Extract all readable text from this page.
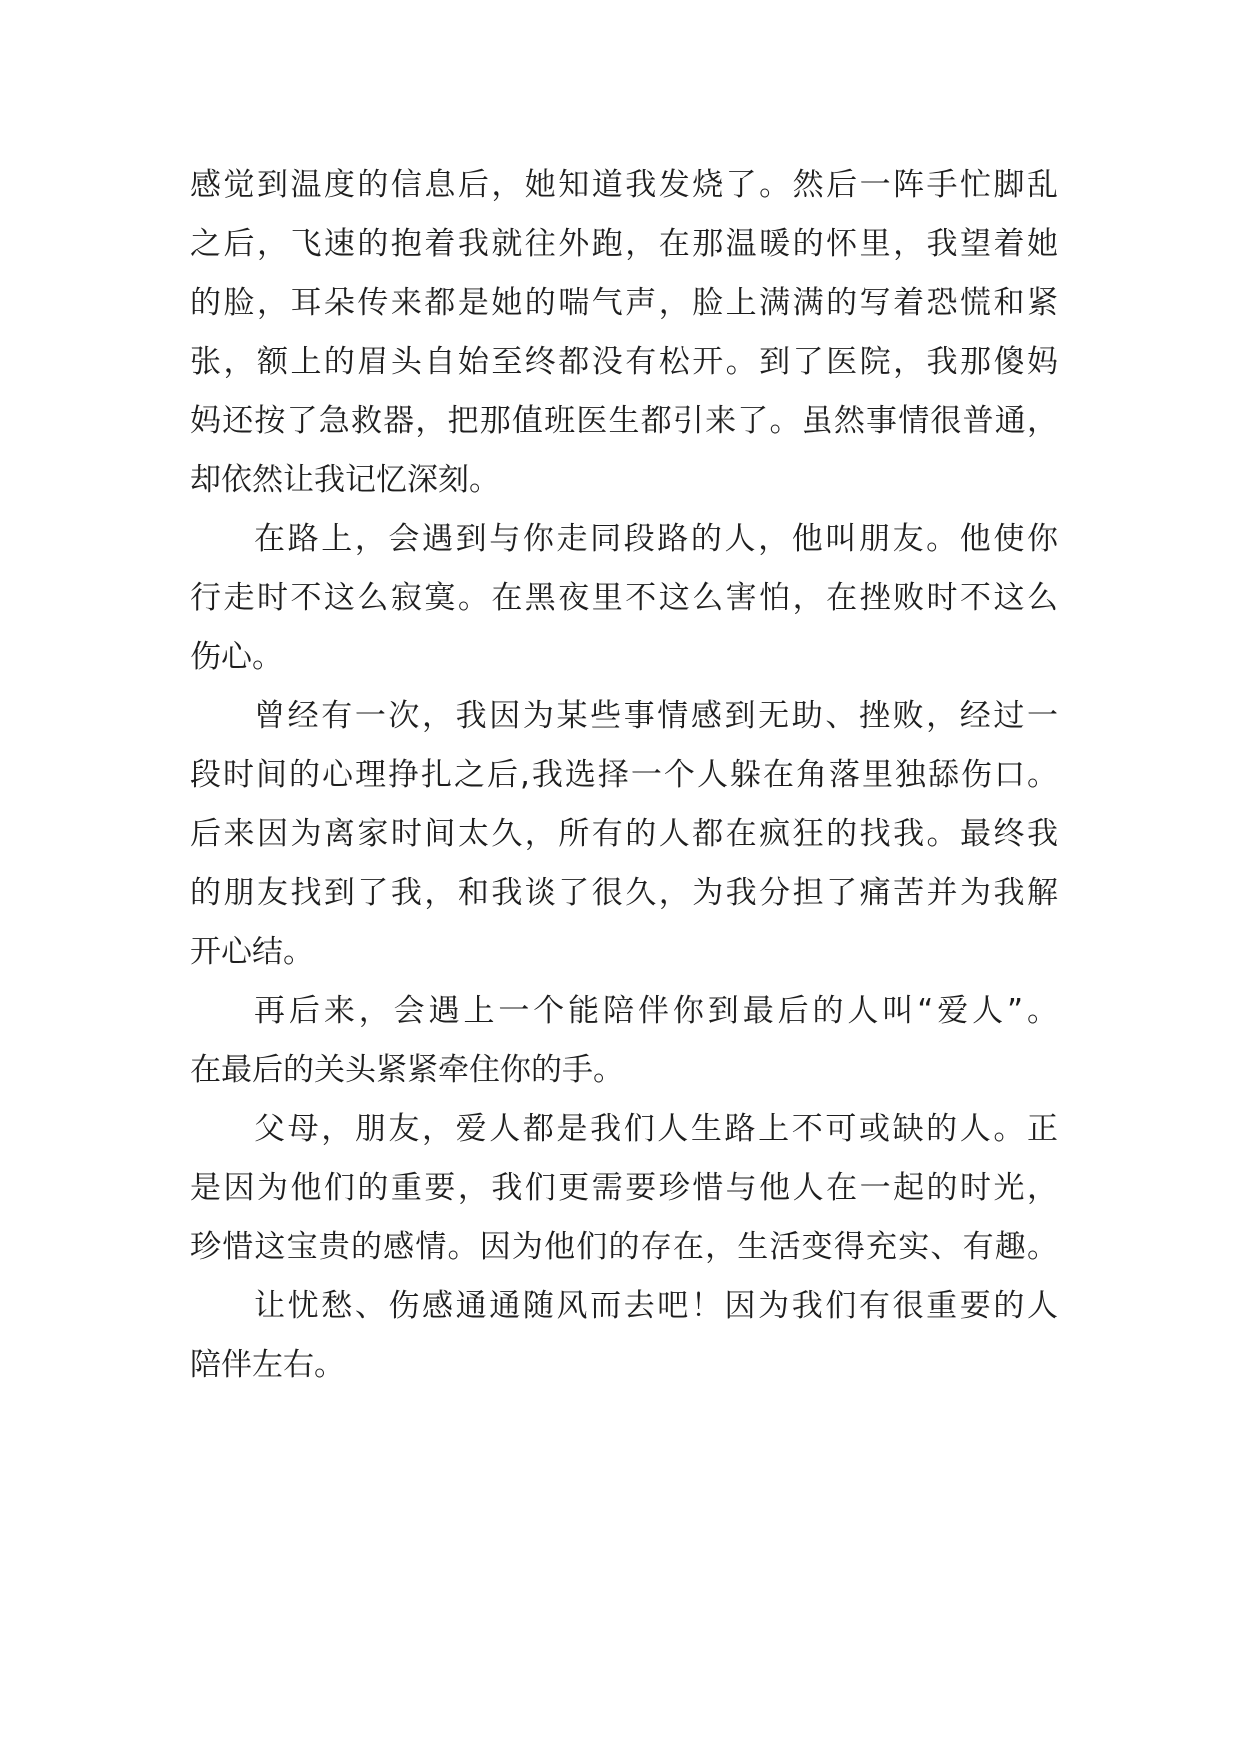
感觉到温度的信息后，她知道我发烧了。然后一阵手忙脚乱
之后，飞速的抱着我就往外跑，在那温暖的怀里，我望着她
的脸，耳朵传来都是她的喘气声，脸上满满的写着恐慌和紧
张，额上的眉头自始至终都没有松开。到了医院，我那傻妈
妈还按了急救器，把那值班医生都引来了。虽然事情很普通，
却依然让我记忆深刻。
在路上，会遇到与你走同段路的人，他叫朋友。他使你
行走时不这么寂寞。在黑夜里不这么害怕，在挫败时不这么
伤心。
曾经有一次，我因为某些事情感到无助、挫败，经过一
段时间的心理挣扎之后,我选择一个人躲在角落里独舔伤口。
后来因为离家时间太久，所有的人都在疯狂的找我。最终我
的朋友找到了我，和我谈了很久，为我分担了痛苦并为我解
开心结。
再后来，会遇上一个能陪伴你到最后的人叫“爱人”。
在最后的关头紧紧牵住你的手。
父母，朋友，爱人都是我们人生路上不可或缺的人。正
是因为他们的重要，我们更需要珍惜与他人在一起的时光，
珍惜这宝贵的感情。因为他们的存在，生活变得充实、有趣。
让忧愁、伤感通通随风而去吧！因为我们有很重要的人
陪伴左右。
